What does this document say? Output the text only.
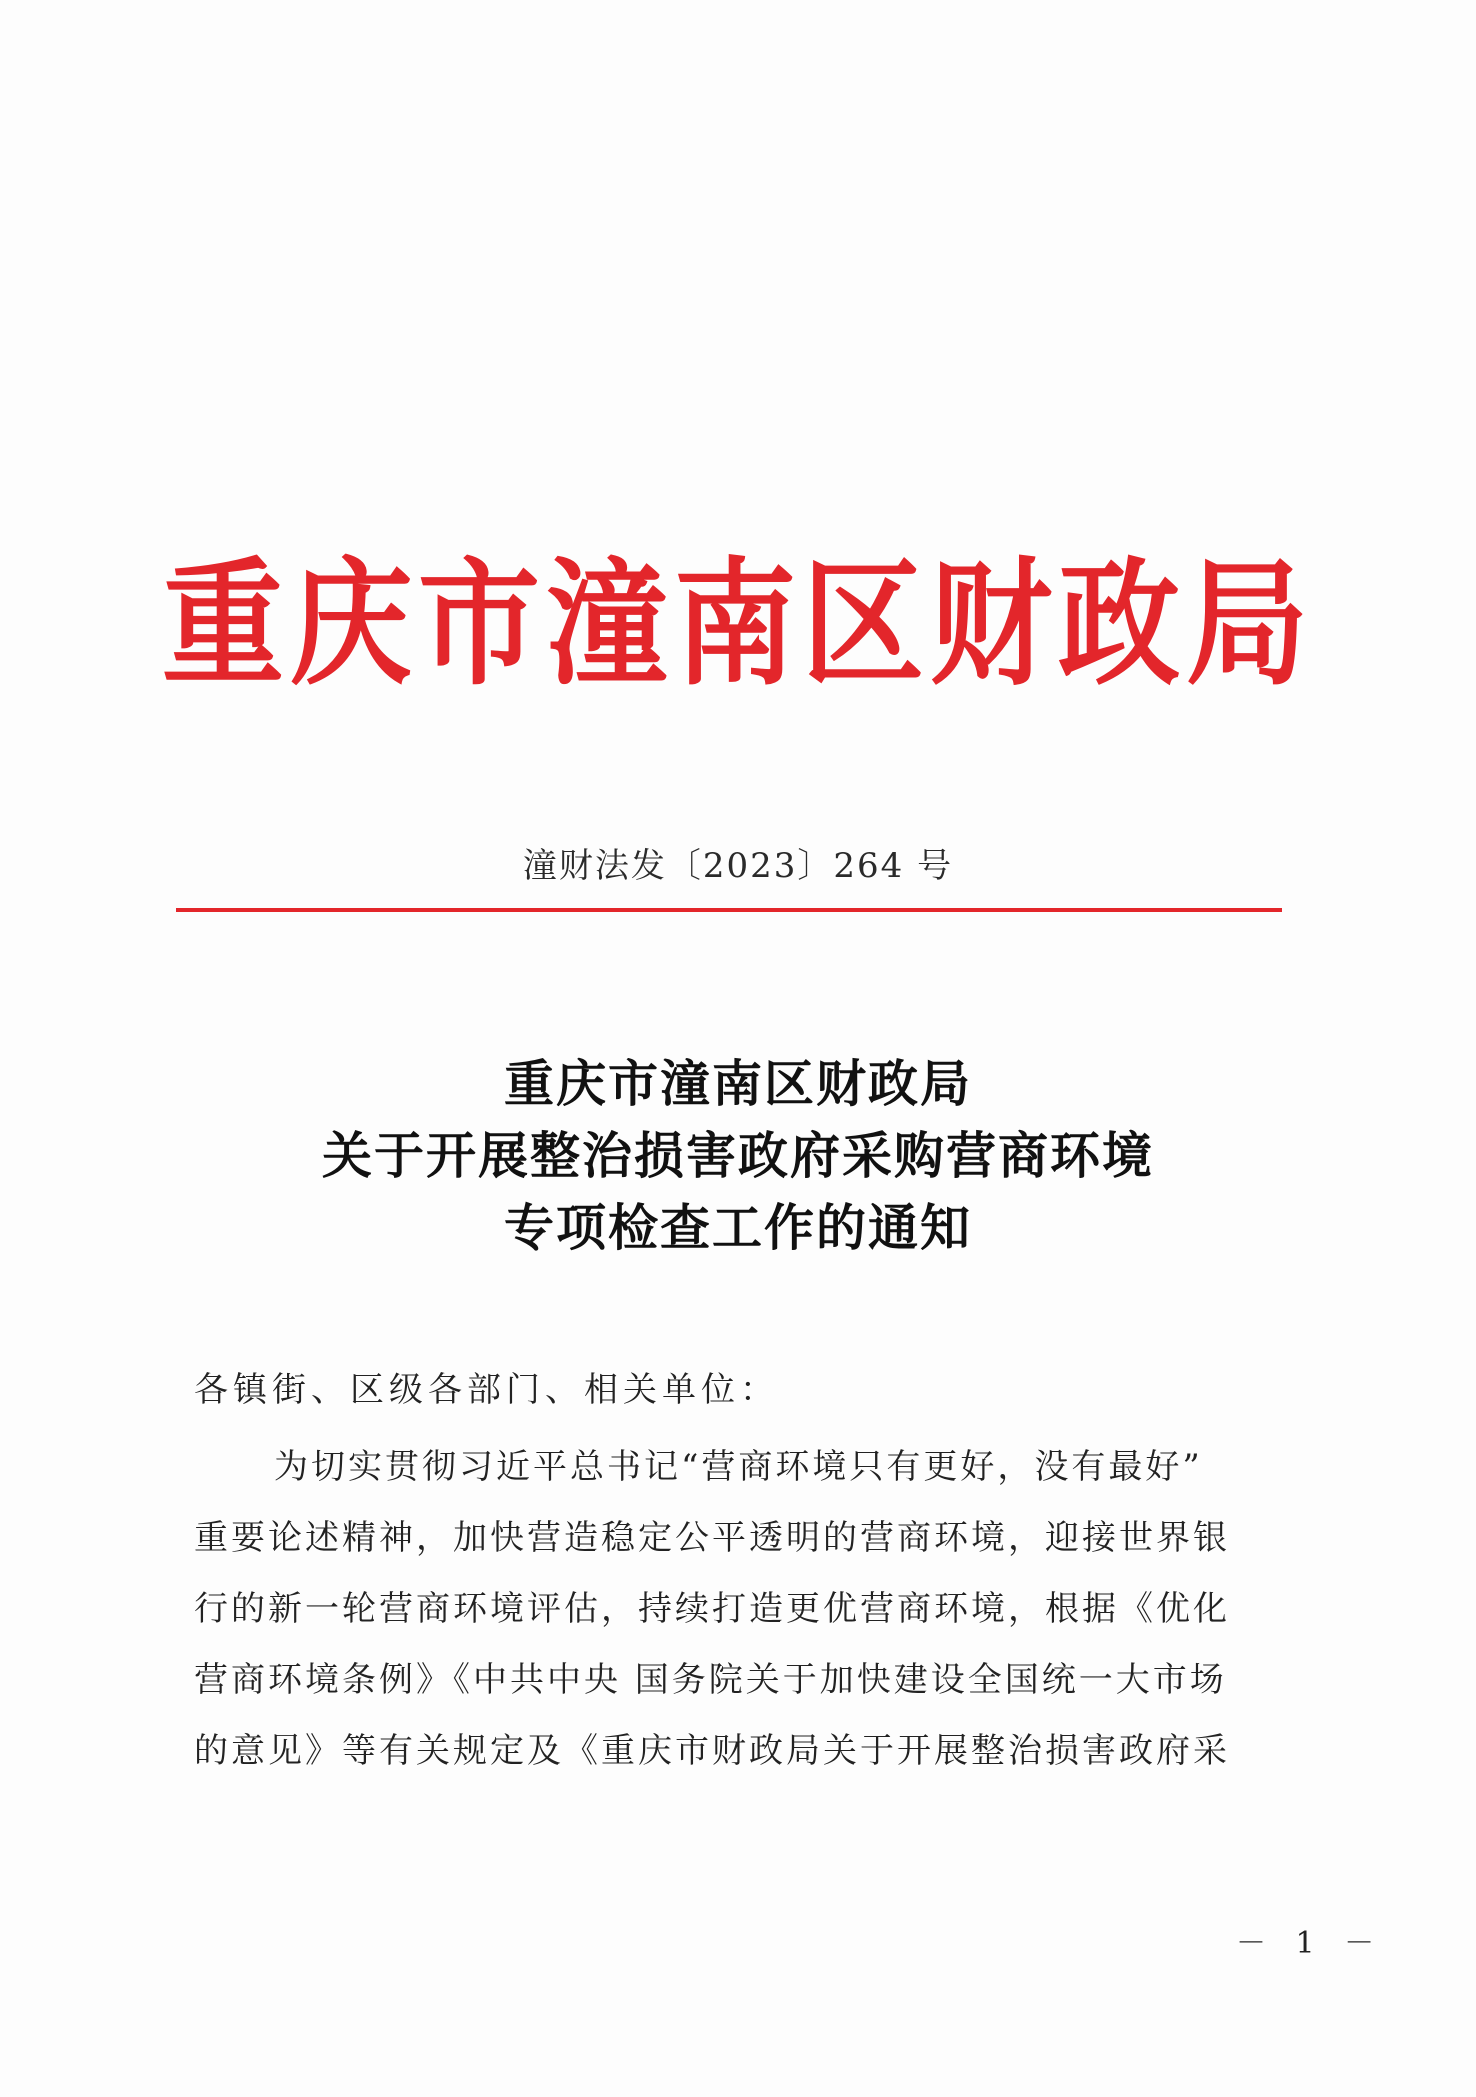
重庆市潼南区财政局
潼财法发〔2023〕264 号
重庆市潼南区财政局
关于开展整治损害政府采购营商环境
专项检查工作的通知
各镇街、区级各部门、相关单位：
为切实贯彻习近平总书记“营商环境只有更好，没有最好”
重要论述精神，加快营造稳定公平透明的营商环境，迎接世界银
行的新一轮营商环境评估，持续打造更优营商环境，根据《优化
营商环境条例》《中共中央 国务院关于加快建设全国统一大市场
的意见》等有关规定及《重庆市财政局关于开展整治损害政府采
－ 1 －
